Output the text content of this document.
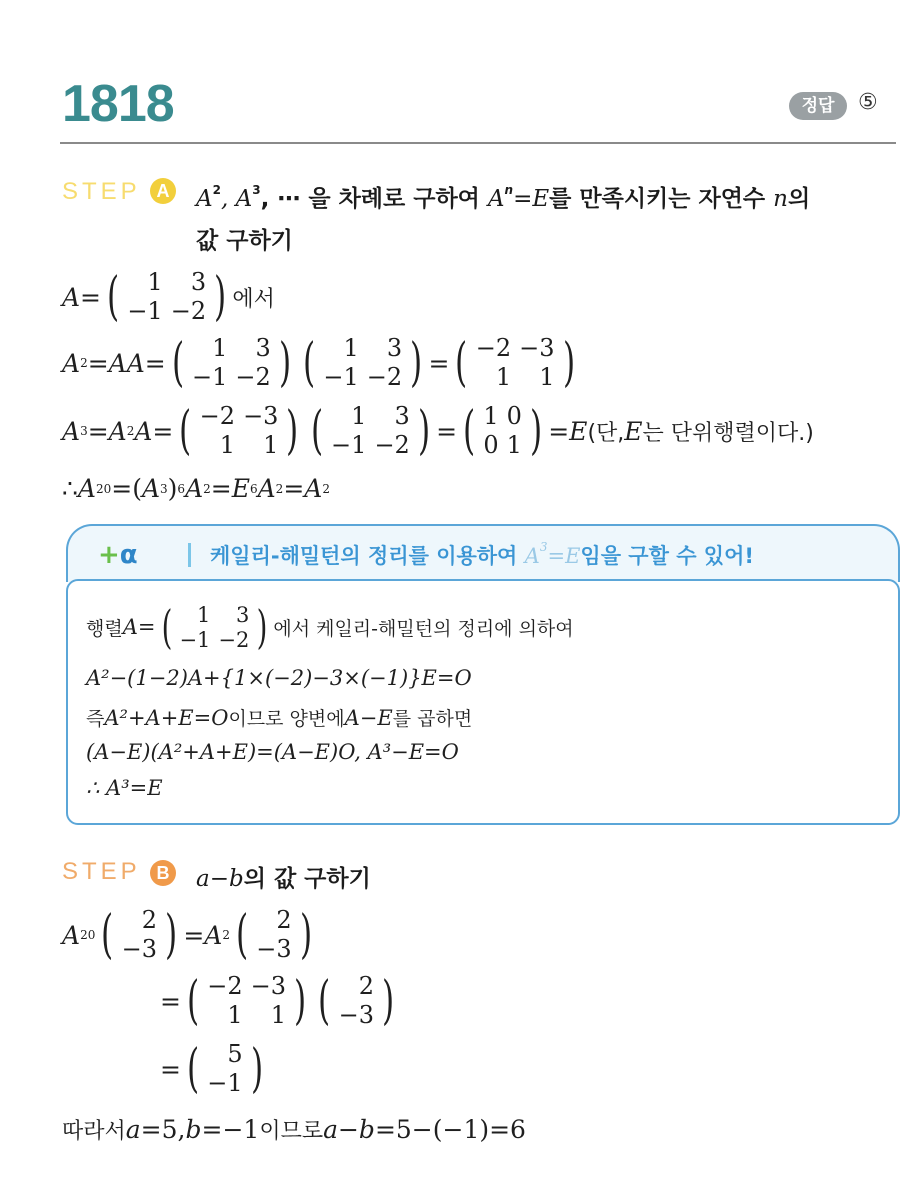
1818	정답	⑤
STEP A $A^2$, $A^3$, ⋯ 을 차례로 구하여 $A^n=E$를 만족시키는 자연수 n의
값 구하기
A= ( 1	3
−1	−2 ) 에서
A 2 =AA= ( 1	3
−1	−2 ) ( 1	3
−1	−2 ) = ( −2	−3
1	1 )
A 3 = A 2 A = ( −2	−3
1	1 ) ( 1	3
−1	−2 ) = ( 1	0
0	1 ) =E (단, E 는 단위행렬이다.)
∴ A 20 =( A 3 ) 6 A 2 = E 6 A 2 = A 2
+α	케일리-해밀턴의 정리를 이용하여 $A^3=E$임을 구할 수 있어!
행렬 A = ( 1	3
−1	−2 ) 에서 케일리-해밀턴의 정리에 의하여
A²−(1−2)A+{1×(−2)−3×(−1)}E=O
즉 A²+A+E=O 이므로 양변에 A−E 를 곱하면
(A−E)(A²+A+E)=(A−E)O, A³−E=O
∴ A³=E
STEP B a−b의 값 구하기
A 20 ( 2
−3 ) = A 2 ( 2
−3 )
= ( −2	−3
1	1 ) ( 2
−3 )
= ( 5
−1 )
따라서 a =5, b =−1 이므로 a−b =5−(−1)=6
